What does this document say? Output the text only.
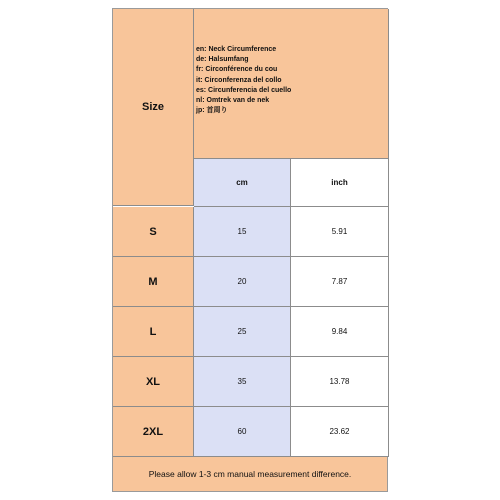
Size
en: Neck Circumference
de: Halsumfang
fr: Circonférence du cou
it: Circonferenza del collo
es: Circunferencia del cuello
nl: Omtrek van de nek
jp: 首周り
cm	inch
S	15	5.91
M	20	7.87
L	25	9.84
XL	35	13.78
2XL	60	23.62
Please allow 1-3 cm manual measurement difference.
